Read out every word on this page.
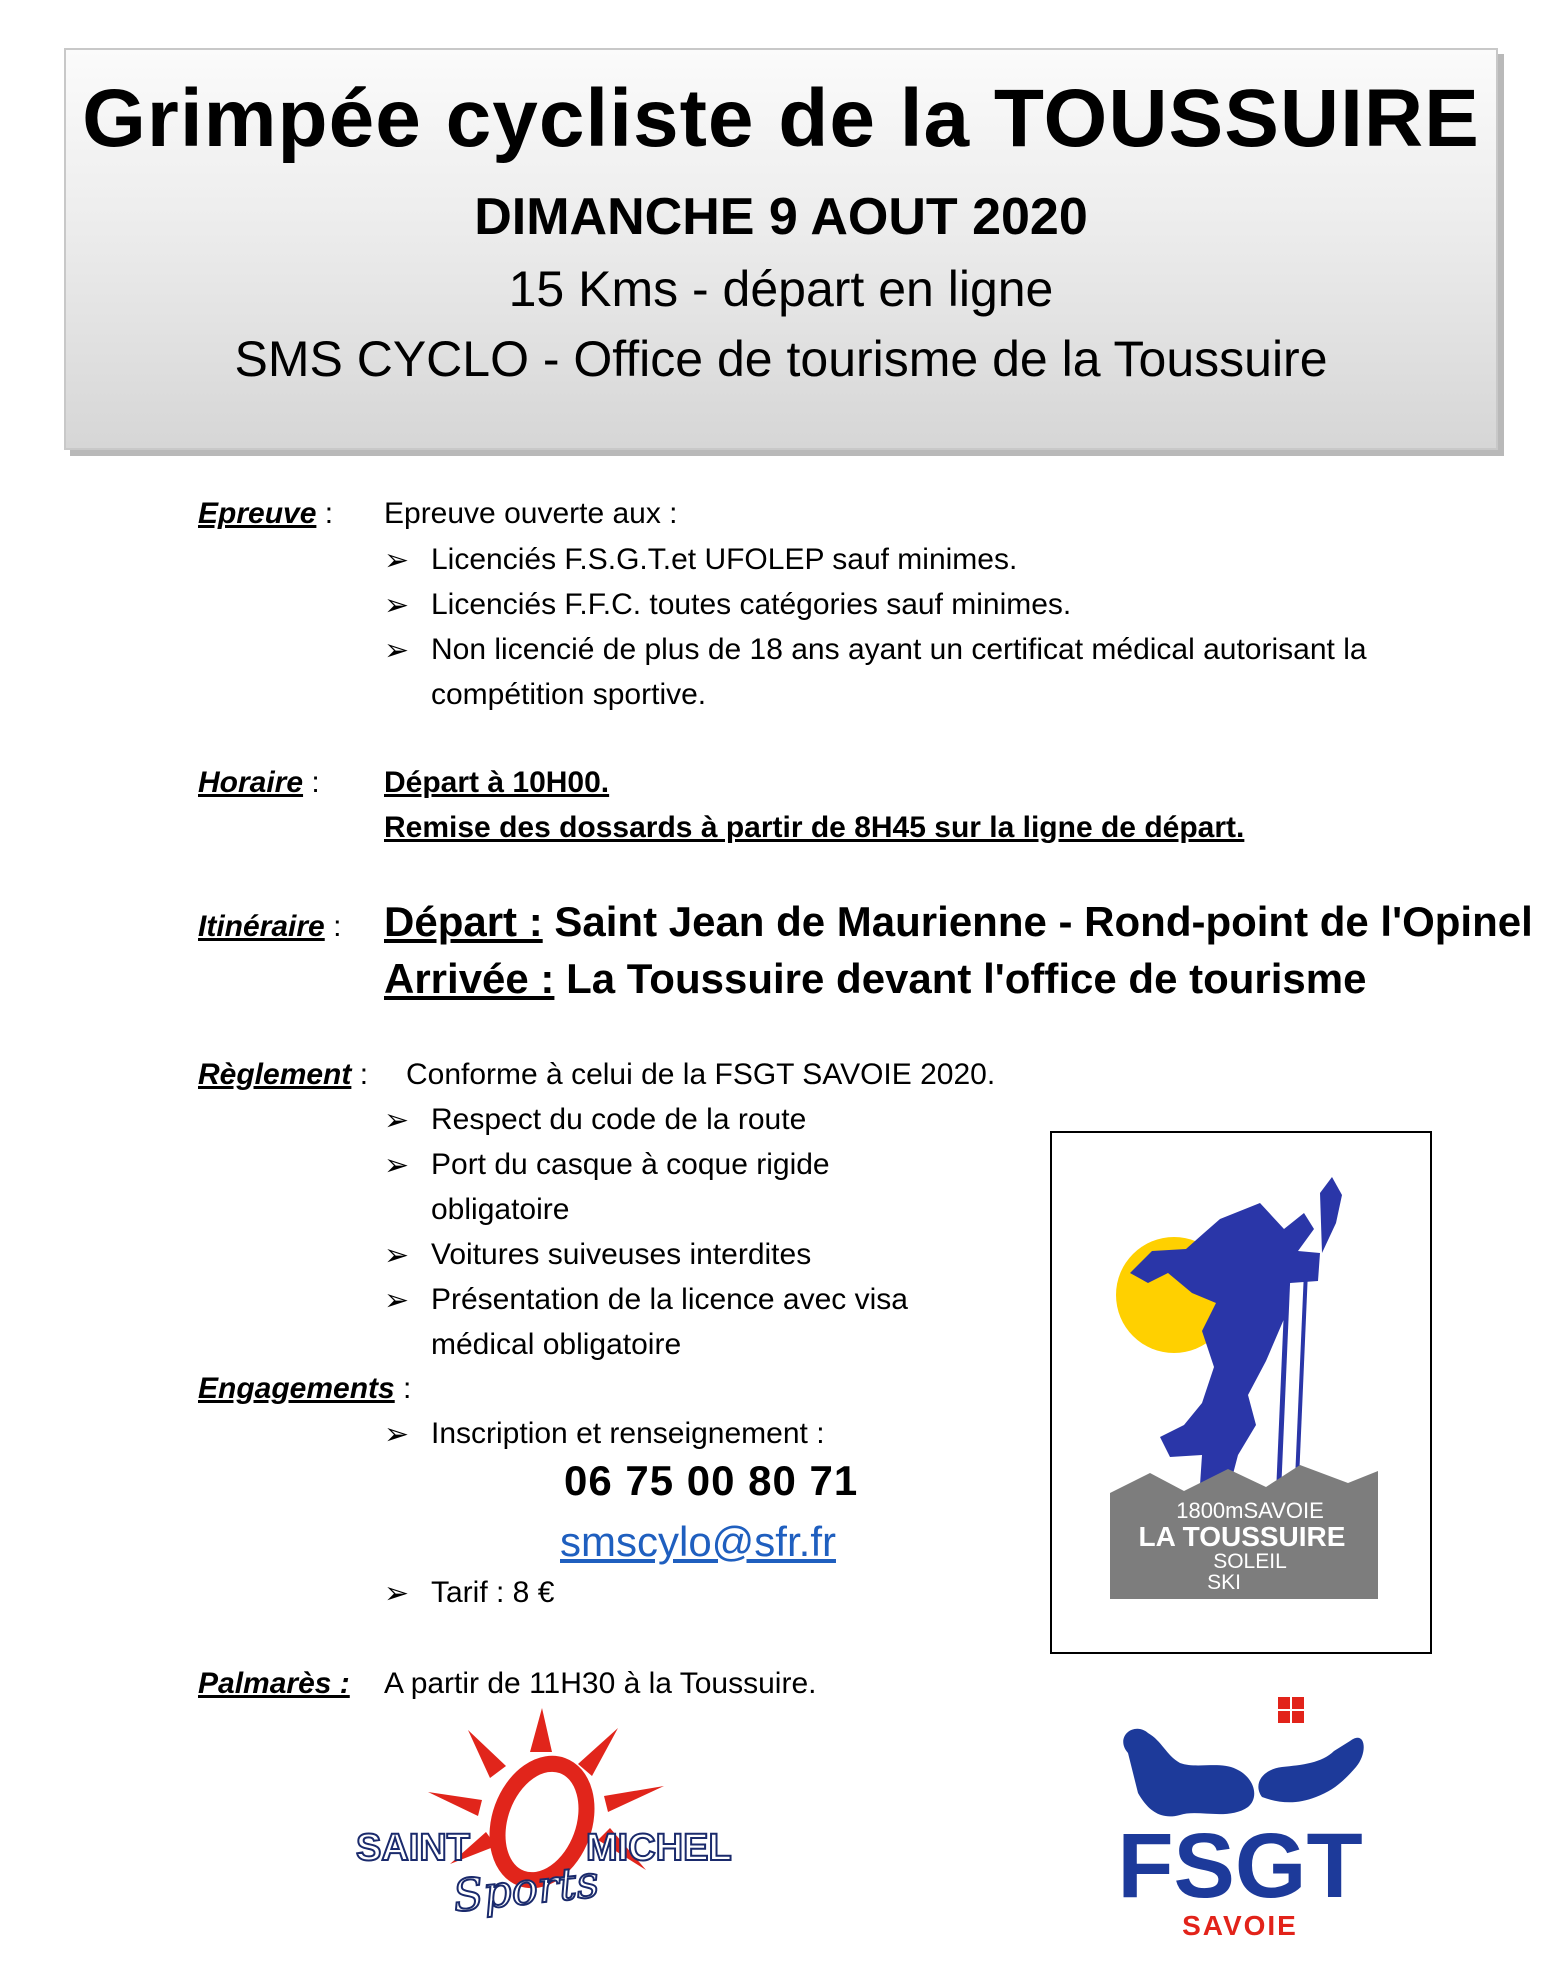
Grimpée cycliste de la TOUSSUIRE
DIMANCHE 9 AOUT 2020
15 Kms - départ en ligne
SMS CYCLO - Office de tourisme de la Toussuire
Epreuve : Epreuve ouverte aux :
➢ Licenciés F.S.G.T.et UFOLEP sauf minimes.
➢ Licenciés F.F.C. toutes catégories sauf minimes.
➢ Non licencié de plus de 18 ans ayant un certificat médical autorisant la
compétition sportive.
Horaire : Départ à 10H00.
Remise des dossards à partir de 8H45 sur la ligne de départ.
Itinéraire : Départ : Saint Jean de Maurienne - Rond-point de l'Opinel
Arrivée : La Toussuire devant l'office de tourisme
Règlement : Conforme à celui de la FSGT SAVOIE 2020.
➢ Respect du code de la route
➢ Port du casque à coque rigide
obligatoire
➢ Voitures suiveuses interdites
➢ Présentation de la licence avec visa
médical obligatoire
Engagements :
➢ Inscription et renseignement :
06 75 00 80 71
smscylo@sfr.fr
➢ Tarif : 8 €
Palmarès : A partir de 11H30 à la Toussuire.
1800mSAVOIE
LA TOUSSUIRE
SOLEIL
SKI
SAINT	MICHEL
Sports	FSGT
SAVOIE
